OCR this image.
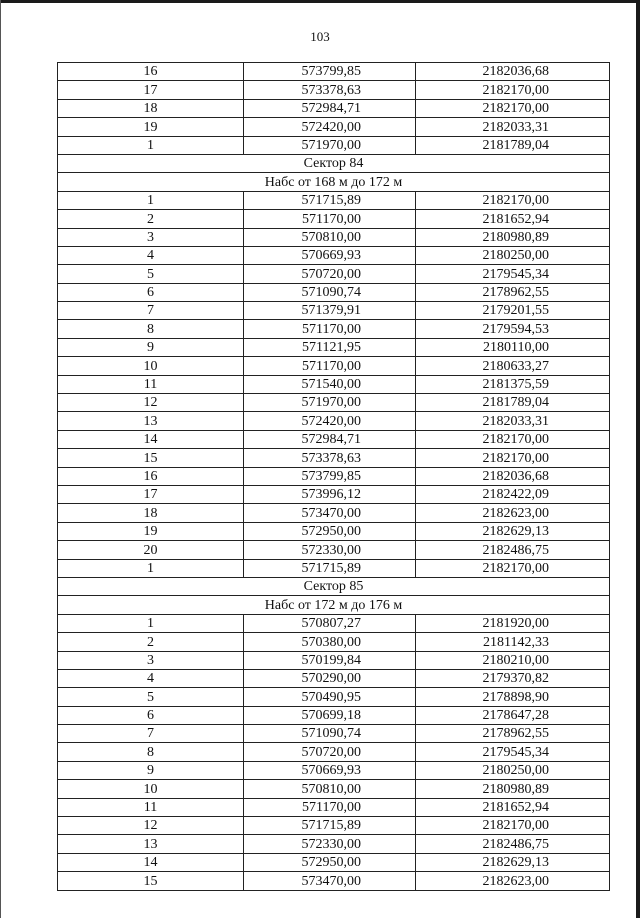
103
16	573799,85	2182036,68
17	573378,63	2182170,00
18	572984,71	2182170,00
19	572420,00	2182033,31
1	571970,00	2181789,04
Сектор 84		
Набс от 168 м до 172 м		
1	571715,89	2182170,00
2	571170,00	2181652,94
3	570810,00	2180980,89
4	570669,93	2180250,00
5	570720,00	2179545,34
6	571090,74	2178962,55
7	571379,91	2179201,55
8	571170,00	2179594,53
9	571121,95	2180110,00
10	571170,00	2180633,27
11	571540,00	2181375,59
12	571970,00	2181789,04
13	572420,00	2182033,31
14	572984,71	2182170,00
15	573378,63	2182170,00
16	573799,85	2182036,68
17	573996,12	2182422,09
18	573470,00	2182623,00
19	572950,00	2182629,13
20	572330,00	2182486,75
1	571715,89	2182170,00
Сектор 85		
Набс от 172 м до 176 м		
1	570807,27	2181920,00
2	570380,00	2181142,33
3	570199,84	2180210,00
4	570290,00	2179370,82
5	570490,95	2178898,90
6	570699,18	2178647,28
7	571090,74	2178962,55
8	570720,00	2179545,34
9	570669,93	2180250,00
10	570810,00	2180980,89
11	571170,00	2181652,94
12	571715,89	2182170,00
13	572330,00	2182486,75
14	572950,00	2182629,13
15	573470,00	2182623,00
